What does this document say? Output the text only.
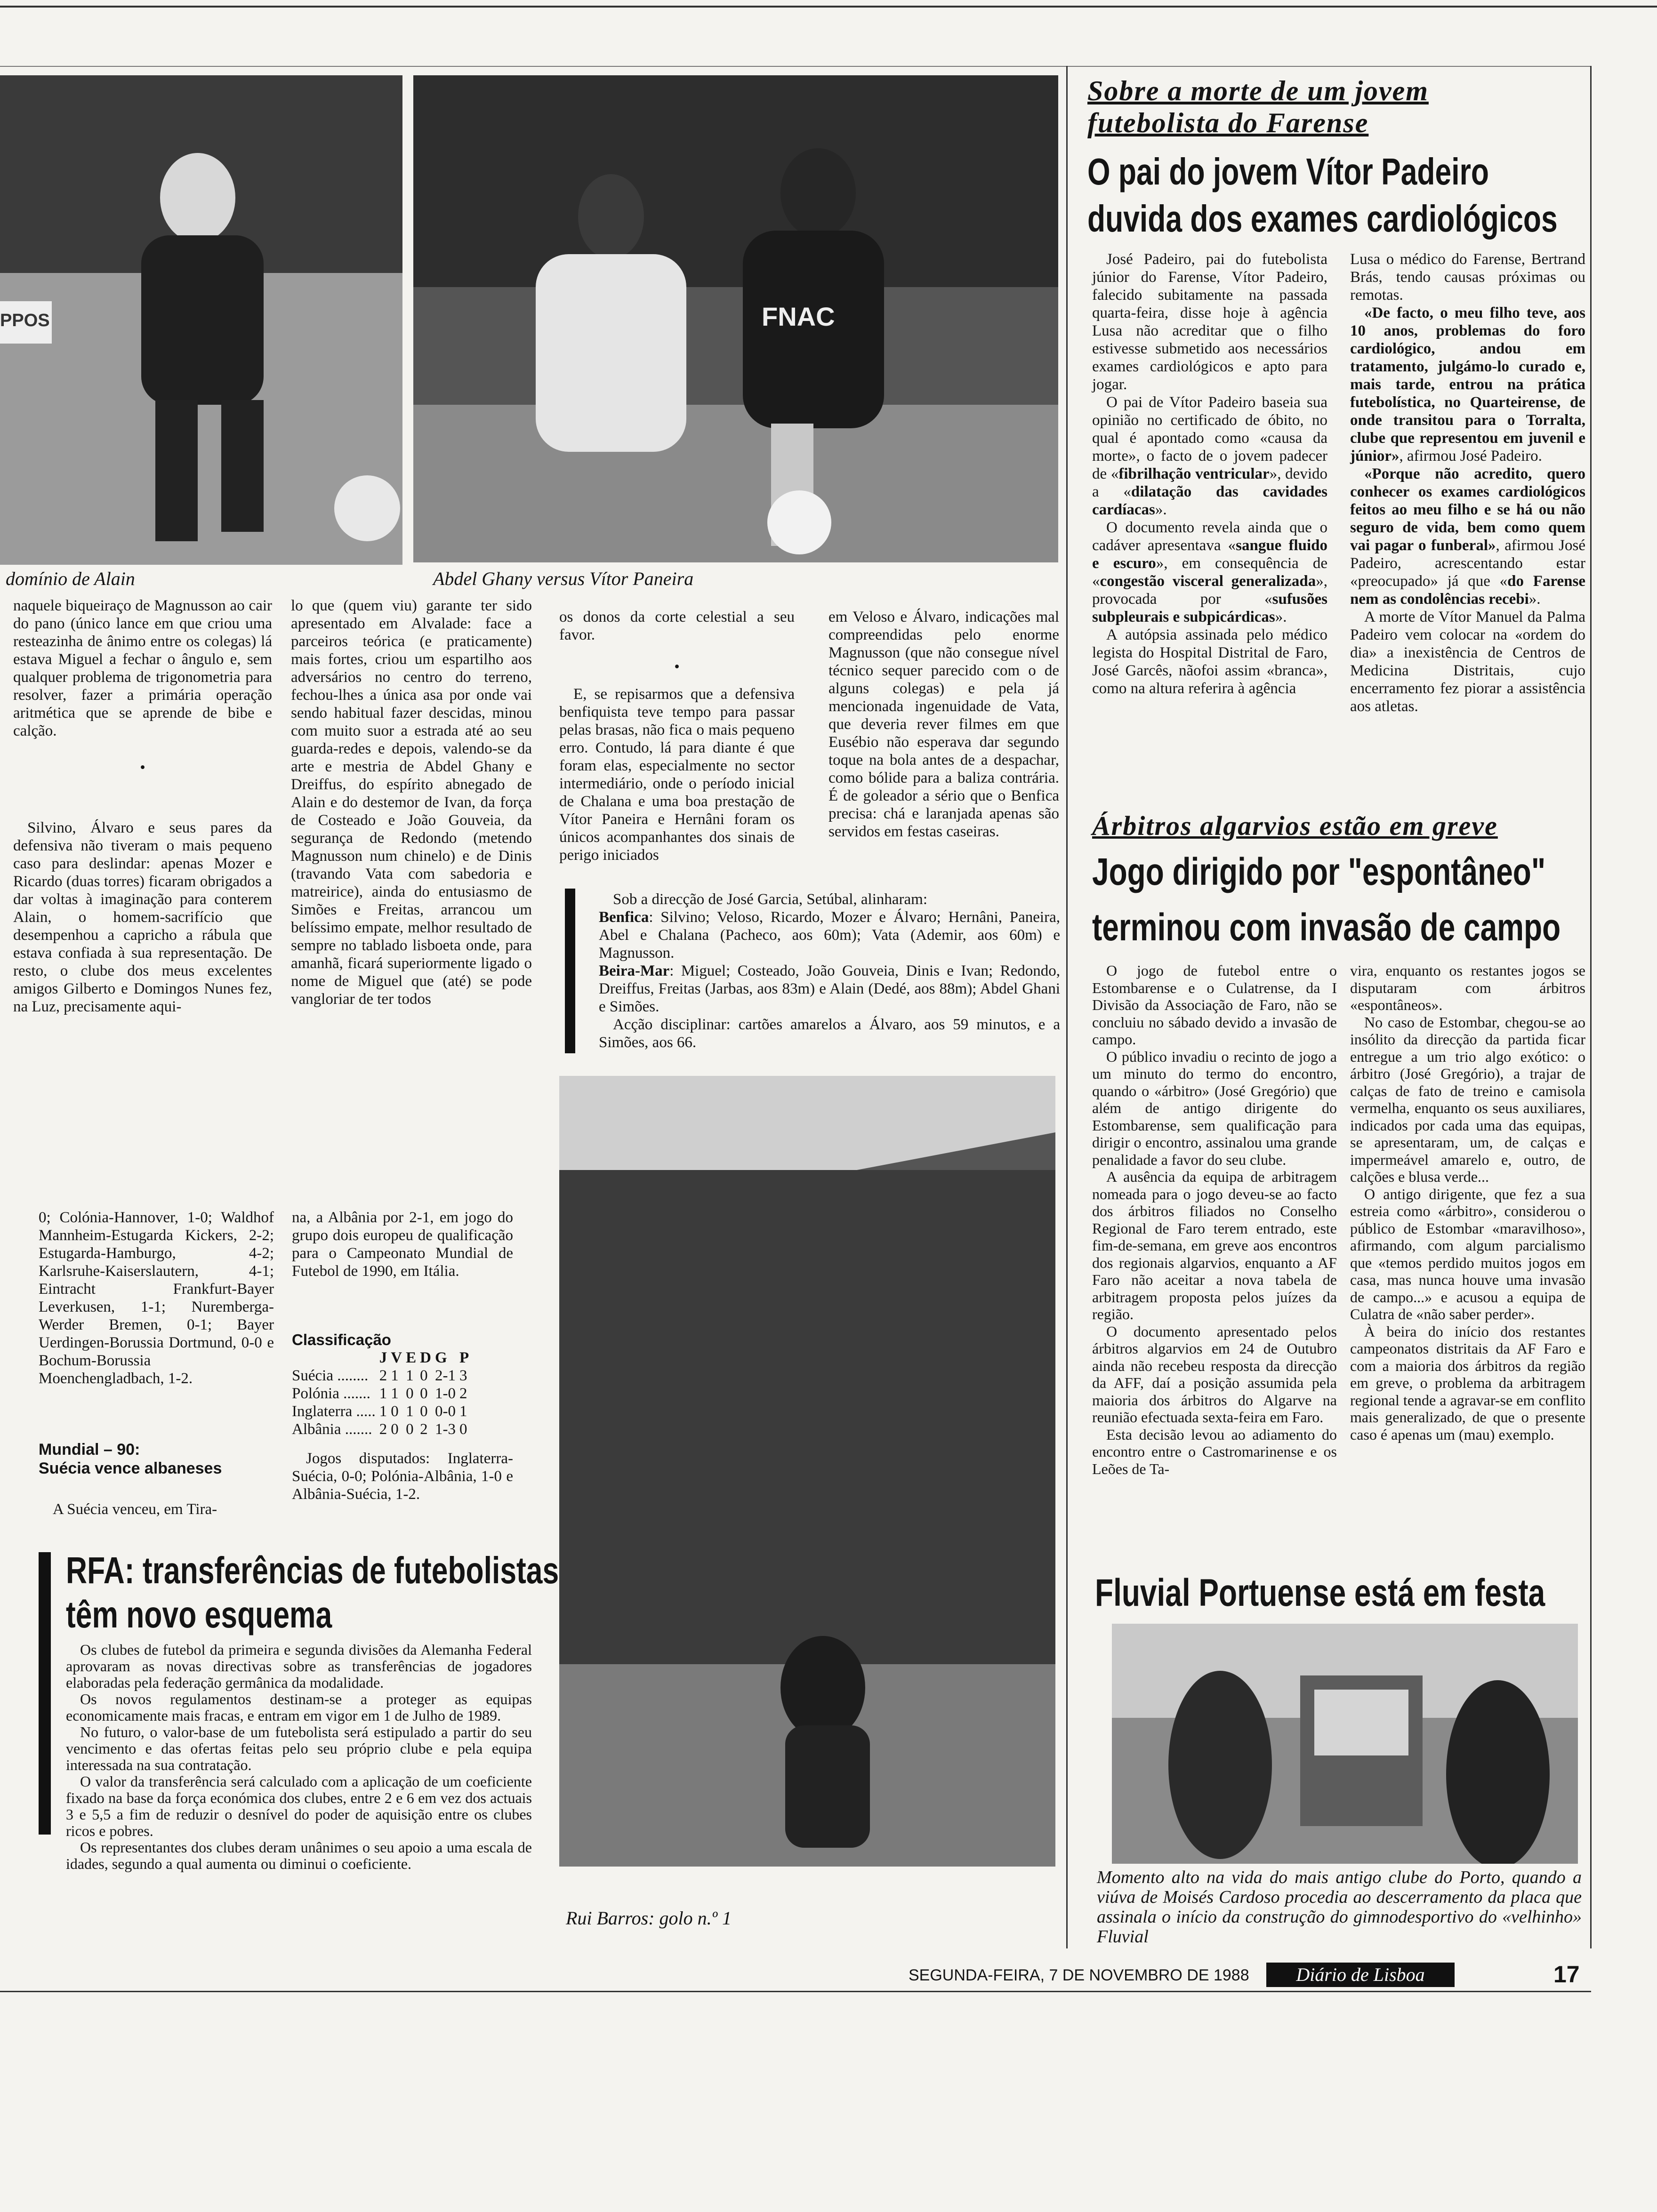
PPOS
domínio de Alain
FNAC
Abdel Ghany versus Vítor Paneira

naquele biqueiraço de Magnusson ao cair do pano (único lance em que criou uma resteazinha de ânimo entre os colegas) lá estava Miguel a fechar o ângulo e, sem qualquer problema de trigonometria para resolver, fazer a primária operação aritmética que se aprende de bibe e calção.

•

Silvino, Álvaro e seus pares da defensiva não tiveram o mais pequeno caso para deslindar: apenas Mozer e Ricardo (duas torres) ficaram obrigados a dar voltas à imaginação para conterem Alain, o homem-sacrifício que desempenhou a capricho a rábula que estava confiada à sua representação. De resto, o clube dos meus excelentes amigos Gilberto e Domingos Nunes fez, na Luz, precisamente aqui-

lo que (quem viu) garante ter sido apresentado em Alvalade: face a parceiros teórica (e praticamente) mais fortes, criou um espartilho aos adversários no centro do terreno, fechou-lhes a única asa por onde vai sendo habitual fazer descidas, minou com muito suor a estrada até ao seu guarda-redes e depois, valendo-se da arte e mestria de Abdel Ghany e Dreiffus, do espírito abnegado de Alain e do destemor de Ivan, da força de Costeado e João Gouveia, da segurança de Redondo (metendo Magnusson num chinelo) e de Dinis (travando Vata com sabedoria e matreirice), ainda do entusiasmo de Simões e Freitas, arrancou um belíssimo empate, melhor resultado de sempre no tablado lisboeta onde, para amanhã, ficará superiormente ligado o nome de Miguel que (até) se pode vangloriar de ter todos

os donos da corte celestial a seu favor.

•

E, se repisarmos que a defensiva benfiquista teve tempo para passar pelas brasas, não fica o mais pequeno erro. Contudo, lá para diante é que foram elas, especialmente no sector intermediário, onde o período inicial de Chalana e uma boa prestação de Vítor Paneira e Hernâni foram os únicos acompanhantes dos sinais de perigo iniciados

em Veloso e Álvaro, indicações mal compreendidas pelo enorme Magnusson (que não consegue nível técnico sequer parecido com o de alguns colegas) e pela já mencionada ingenuidade de Vata, que deveria rever filmes em que Eusébio não esperava dar segundo toque na bola antes de a despachar, como bólide para a baliza contrária. É de goleador a sério que o Benfica precisa: chá e laranjada apenas são servidos em festas caseiras.

Sob a direcção de José Garcia, Setúbal, alinharam:

Benfica: Silvino; Veloso, Ricardo, Mozer e Álvaro; Hernâni, Paneira, Abel e Chalana (Pacheco, aos 60m); Vata (Ademir, aos 60m) e Magnusson.

Beira-Mar: Miguel; Costeado, João Gouveia, Dinis e Ivan; Redondo, Dreiffus, Freitas (Jarbas, aos 83m) e Alain (Dedé, aos 88m); Abdel Ghani e Simões.

Acção disciplinar: cartões amarelos a Álvaro, aos 59 minutos, e a Simões, aos 66.

0; Colónia-Hannover, 1-0; Waldhof Mannheim-Estugarda Kickers, 2-2; Estugarda-Hamburgo, 4-2; Karlsruhe-Kaiserslautern, 4-1; Eintracht Frankfurt-Bayer Leverkusen, 1-1; Nuremberga-Werder Bremen, 0-1; Bayer Uerdingen-Borussia Dortmund, 0-0 e Bochum-Borussia Moenchengladbach, 1-2.
Mundial – 90:
Suécia vence albaneses

A Suécia venceu, em Tira-

na, a Albânia por 2-1, em jogo do grupo dois europeu de qualificação para o Campeonato Mundial de Futebol de 1990, em Itália.
Classificação
	J	V	E	D	G	P
Suécia ........	2	1	1	0	2-1	3
Polónia .......	1	1	0	0	1-0	2
Inglaterra .....	1	0	1	0	0-0	1
Albânia .......	2	0	0	2	1-3	0

Jogos disputados: Inglaterra-Suécia, 0-0; Polónia-Albânia, 1-0 e Albânia-Suécia, 1-2.

RFA: transferências de futebolistas
têm novo esquema

Os clubes de futebol da primeira e segunda divisões da Alemanha Federal aprovaram as novas directivas sobre as transferências de jogadores elaboradas pela federação germânica da modalidade.

Os novos regulamentos destinam-se a proteger as equipas economicamente mais fracas, e entram em vigor em 1 de Julho de 1989.

No futuro, o valor-base de um futebolista será estipulado a partir do seu vencimento e das ofertas feitas pelo seu próprio clube e pela equipa interessada na sua contratação.

O valor da transferência será calculado com a aplicação de um coeficiente fixado na base da força económica dos clubes, entre 2 e 6 em vez dos actuais 3 e 5,5 a fim de reduzir o desnível do poder de aquisição entre os clubes ricos e pobres.

Os representantes dos clubes deram unânimes o seu apoio a uma escala de idades, segundo a qual aumenta ou diminui o coeficiente.

Rui Barros: golo n.º 1
Sobre a morte de um jovem
futebolista do Farense
O pai do jovem Vítor Padeiro
duvida dos exames cardiológicos

José Padeiro, pai do futebolista júnior do Farense, Vítor Padeiro, falecido subitamente na passada quarta-feira, disse hoje à agência Lusa não acreditar que o filho estivesse submetido aos necessários exames cardiológicos e apto para jogar.

O pai de Vítor Padeiro baseia sua opinião no certificado de óbito, no qual é apontado como «causa da morte», o facto de o jovem padecer de «fibrilhação ventricular», devido a «dilatação das cavidades cardíacas».

O documento revela ainda que o cadáver apresentava «sangue fluido e escuro», em consequência de «congestão visceral generalizada», provocada por «sufusões subpleurais e subpicárdicas».

A autópsia assinada pelo médico legista do Hospital Distrital de Faro, José Garcês, nãofoi assim «branca», como na altura referira à agência

Lusa o médico do Farense, Bertrand Brás, tendo causas próximas ou remotas.

«De facto, o meu filho teve, aos 10 anos, problemas do foro cardiológico, andou em tratamento, julgámo-lo curado e, mais tarde, entrou na prática futebolística, no Quarteirense, de onde transitou para o Torralta, clube que representou em juvenil e júnior», afirmou José Padeiro.

«Porque não acredito, quero conhecer os exames cardiológicos feitos ao meu filho e se há ou não seguro de vida, bem como quem vai pagar o funberal», afirmou José Padeiro, acrescentando estar «preocupado» já que «do Farense nem as condolências recebi».

A morte de Vítor Manuel da Palma Padeiro vem colocar na «ordem do dia» a inexistência de Centros de Medicina Distritais, cujo encerramento fez piorar a assistência aos atletas.

Árbitros algarvios estão em greve
Jogo dirigido por "espontâneo"
terminou com invasão de campo

O jogo de futebol entre o Estombarense e o Culatrense, da I Divisão da Associação de Faro, não se concluiu no sábado devido a invasão de campo.

O público invadiu o recinto de jogo a um minuto do termo do encontro, quando o «árbitro» (José Gregório) que além de antigo dirigente do Estombarense, sem qualificação para dirigir o encontro, assinalou uma grande penalidade a favor do seu clube.

A ausência da equipa de arbitragem nomeada para o jogo deveu-se ao facto dos árbitros filiados no Conselho Regional de Faro terem entrado, este fim-de-semana, em greve aos encontros dos regionais algarvios, enquanto a AF Faro não aceitar a nova tabela de arbitragem proposta pelos juízes da região.

O documento apresentado pelos árbitros algarvios em 24 de Outubro ainda não recebeu resposta da direcção da AFF, daí a posição assumida pela maioria dos árbitros do Algarve na reunião efectuada sexta-feira em Faro.

Esta decisão levou ao adiamento do encontro entre o Castromarinense e os Leões de Ta-

vira, enquanto os restantes jogos se disputaram com árbitros «espontâneos».

No caso de Estombar, chegou-se ao insólito da direcção da partida ficar entregue a um trio algo exótico: o árbitro (José Gregório), a trajar de calças de fato de treino e camisola vermelha, enquanto os seus auxiliares, indicados por cada uma das equipas, se apresentaram, um, de calças e impermeável amarelo e, outro, de calções e blusa verde...

O antigo dirigente, que fez a sua estreia como «árbitro», considerou o público de Estombar «maravilhoso», afirmando, com algum parcialismo que «temos perdido muitos jogos em casa, mas nunca houve uma invasão de campo...» e acusou a equipa de Culatra de «não saber perder».

À beira do início dos restantes campeonatos distritais da AF Faro e com a maioria dos árbitros da região em greve, o problema da arbitragem regional tende a agravar-se em conflito mais generalizado, de que o presente caso é apenas um (mau) exemplo.

Fluvial Portuense está em festa
Momento alto na vida do mais antigo clube do Porto, quando a viúva de Moisés Cardoso procedia ao descerramento da placa que assinala o início da construção do gimnodesportivo do «velhinho» Fluvial
SEGUNDA-FEIRA, 7 DE NOVEMBRO DE 1988	Diário de Lisboa	17
